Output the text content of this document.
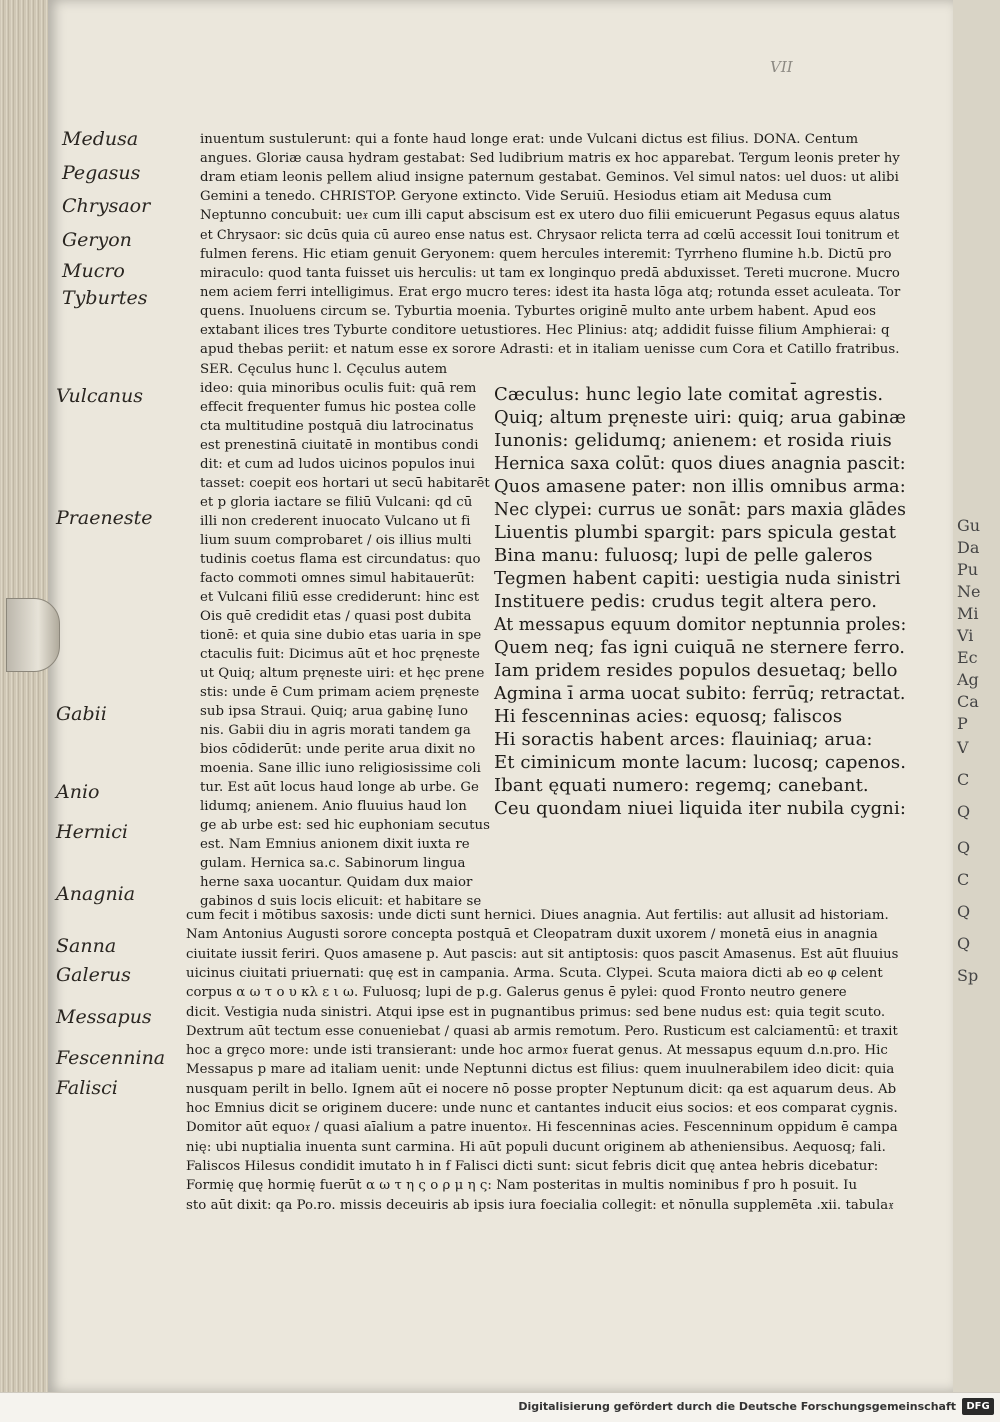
VII
inuentum sustulerunt: qui a fonte haud longe erat: unde Vulcani dictus est filius. DONA. Centum
angues. Gloriæ causa hydram gestabat: Sed ludibrium matris ex hoc apparebat. Tergum leonis preter hy
dram etiam leonis pellem aliud insigne paternum gestabat. Geminos. Vel simul natos: uel duos: ut alibi
Gemini a tenedo. CHRISTOP. Geryone extincto. Vide Seruiū. Hesiodus etiam ait Medusa cum
Neptunno concubuit: ue𝔵 cum illi caput abscisum est ex utero duo filii emicuerunt Pegasus equus alatus
et Chrysaor: sic dcūs quia cū aureo ense natus est. Chrysaor relicta terra ad cœlū accessit Ioui tonitrum et
fulmen ferens. Hic etiam genuit Geryonem: quem hercules interemit: Tyrrheno flumine h.b. Dictū pro
miraculo: quod tanta fuisset uis herculis: ut tam ex longinquo predā abduxisset. Tereti mucrone. Mucro
nem aciem ferri intelligimus. Erat ergo mucro teres: idest ita hasta lōga atq; rotunda esset aculeata. Tor
quens. Inuoluens circum se. Tyburtia moenia. Tyburtes originē multo ante urbem habent. Apud eos
extabant ilices tres Tyburte conditore uetustiores. Hec Plinius: atq; addidit fuisse filium Amphierai: q
apud thebas periit: et natum esse ex sorore Adrasti: et in italiam uenisse cum Cora et Catillo fratribus.
SER. Cęculus hunc l. Cęculus autem
ideo: quia minoribus oculis fuit: quā rem
effecit frequenter fumus hic postea colle
cta multitudine postquā diu latrocinatus
est prenestinā ciuitatē in montibus condi
dit: et cum ad ludos uicinos populos inui
tasset: coepit eos hortari ut secū habitarēt
et p gloria iactare se filiū Vulcani: qd cū
illi non crederent inuocato Vulcano ut fi
lium suum comprobaret / ois illius multi
tudinis coetus flama est circundatus: quo
facto commoti omnes simul habitauerūt:
et Vulcani filiū esse crediderunt: hinc est
Ois quē credidit etas / quasi post dubita
tionē: et quia sine dubio etas uaria in spe
ctaculis fuit: Dicimus aūt et hoc pręneste
ut Quiq; altum pręneste uiri: et hęc prene
stis: unde ē Cum primam aciem pręneste
sub ipsa Straui. Quiq; arua gabinę Iuno
nis. Gabii diu in agris morati tandem ga
bios cōdiderūt: unde perite arua dixit no
moenia. Sane illic iuno religiosissime coli
tur. Est aūt locus haud longe ab urbe. Ge
lidumq; anienem. Anio fluuius haud lon
ge ab urbe est: sed hic euphoniam secutus
est. Nam Emnius anionem dixit iuxta re
gulam. Hernica sa.c. Sabinorum lingua
herne saxa uocantur. Quidam dux maior
gabinos d suis locis elicuit: et habitare se
Cæculus: hunc legio late comitat̄ agrestis.
Quiq; altum pręneste uiri: quiq; arua gabinæ
Iunonis: gelidumq; anienem: et rosida riuis
Hernica saxa colūt: quos diues anagnia pascit:
Quos amasene pater: non illis omnibus arma:
Nec clypei: currus ue sonāt: pars maxia glādes
Liuentis plumbi spargit: pars spicula gestat
Bina manu: fuluosq; lupi de pelle galeros
Tegmen habent capiti: uestigia nuda sinistri
Instituere pedis: crudus tegit altera pero.
At messapus equum domitor neptunnia proles:
Quem neq; fas igni cuiquā ne sternere ferro.
Iam pridem resides populos desuetaq; bello
Agmina ī arma uocat subito: ferrūq; retractat.
Hi fescenninas acies: equosq; faliscos
Hi soractis habent arces: flauiniaq; arua:
Et ciminicum monte lacum: lucosq; capenos.
Ibant ęquati numero: regemq; canebant.
Ceu quondam niuei liquida iter nubila cygni:
cum fecit i mōtibus saxosis: unde dicti sunt hernici. Diues anagnia. Aut fertilis: aut allusit ad historiam.
Nam Antonius Augusti sorore concepta postquā et Cleopatram duxit uxorem / monetā eius in anagnia
ciuitate iussit feriri. Quos amasene p. Aut pascis: aut sit antiptosis: quos pascit Amasenus. Est aūt fluuius
uicinus ciuitati priuernati: quę est in campania. Arma. Scuta. Clypei. Scuta maiora dicti ab eo φ celent
corpus α ω τ ο υ κλ ε ι ω. Fuluosq; lupi de p.g. Galerus genus ē pylei: quod Fronto neutro genere
dicit. Vestigia nuda sinistri. Atqui ipse est in pugnantibus primus: sed bene nudus est: quia tegit scuto.
Dextrum aūt tectum esse conueniebat / quasi ab armis remotum. Pero. Rusticum est calciamentū: et traxit
hoc a grȩco more: unde isti transierant: unde hoc armo𝔵 fuerat genus. At messapus equum d.n.pro. Hic
Messapus p mare ad italiam uenit: unde Neptunni dictus est filius: quem inuulnerabilem ideo dicit: quia
nusquam perilt in bello. Ignem aūt ei nocere nō posse propter Neptunum dicit: qa est aquarum deus. Ab
hoc Emnius dicit se originem ducere: unde nunc et cantantes inducit eius socios: et eos comparat cygnis.
Domitor aūt equo𝔵 / quasi aīalium a patre inuento𝔵. Hi fescenninas acies. Fescenninum oppidum ē campa
nię: ubi nuptialia inuenta sunt carmina. Hi aūt populi ducunt originem ab atheniensibus. Aequosq; fali.
Faliscos Hilesus condidit imutato h in f Falisci dicti sunt: sicut febris dicit quę antea hebris dicebatur:
Formię quę hormię fuerūt α ω τ η ς ο ρ μ η ς: Nam posteritas in multis nominibus f pro h posuit. Iu
sto aūt dixit: qa Po.ro. missis deceuiris ab ipsis iura foecialia collegit: et nōnulla supplemēta .xii. tabula𝔵
Medusa
Pegasus
Chrysaor
Geryon
Mucro
Tyburtes
Vulcanus
Praeneste
Gabii
Anio
Hernici
Anagnia
Sanna
Galerus
Messapus
Fescennina
Falisci
Gu
Da
Pu
Ne
Mi
Vi
Ec
Ag
Ca
P
V
C
Q
Q
C
Q
Q
Sp
Digitalisierung gefördert durch die Deutsche Forschungsgemeinschaft	DFG
